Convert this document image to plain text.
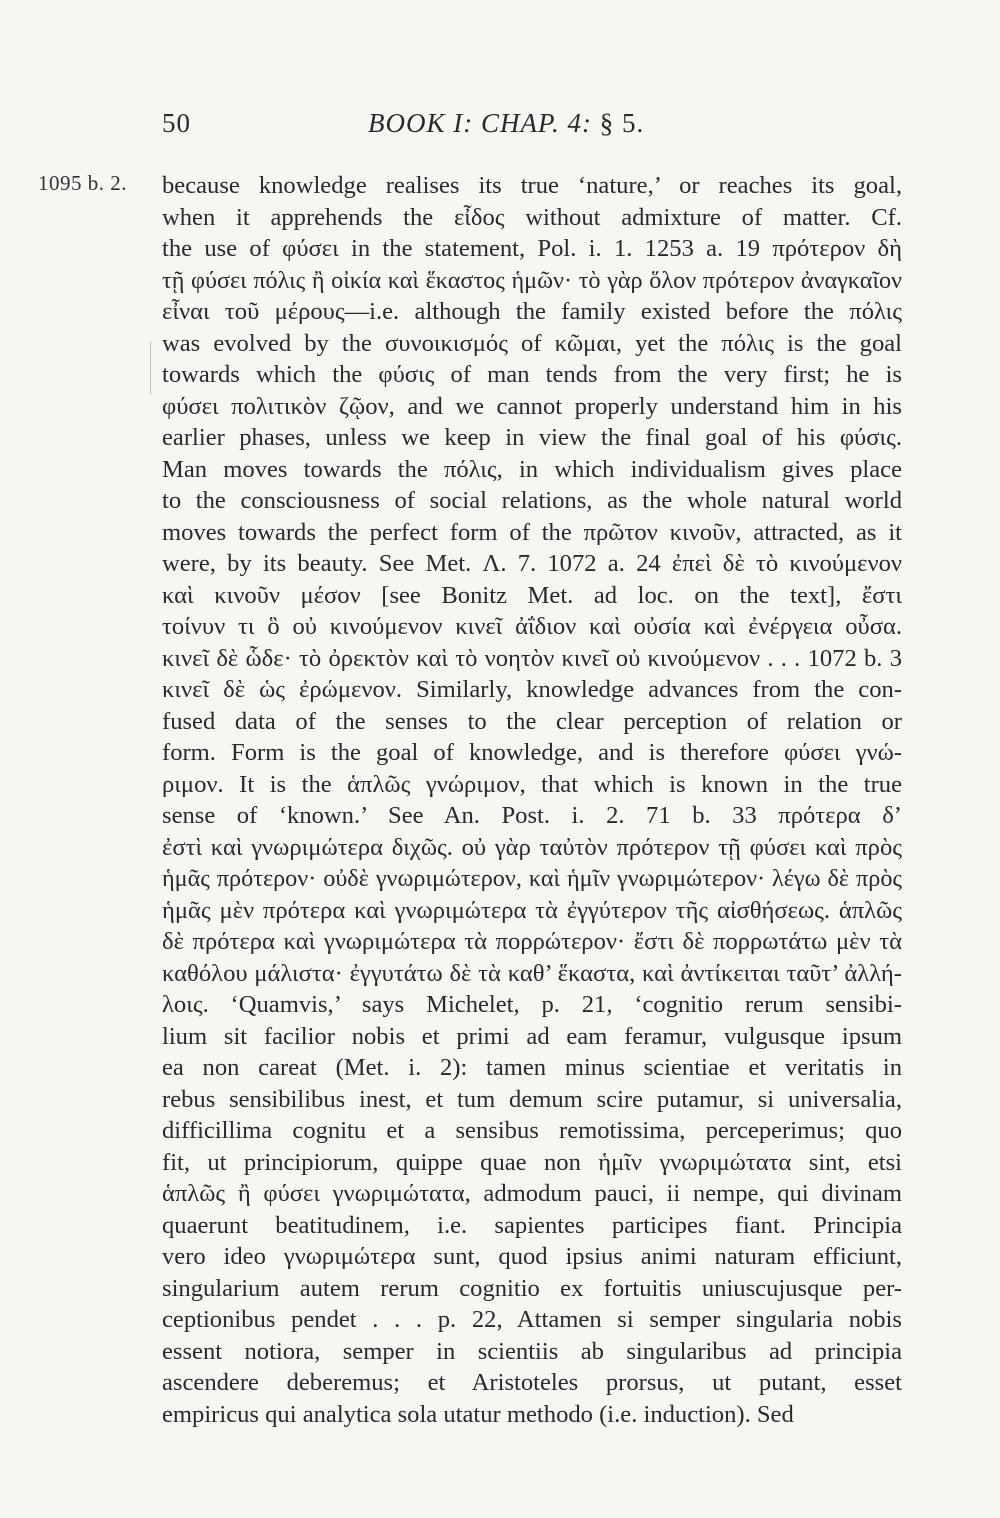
50	BOOK I: CHAP. 4: § 5.
1095 b. 2. because knowledge realises its true ‘nature,’ or reaches its goal,
when it apprehends the εἶδος without admixture of matter. Cf.
the use of φύσει in the statement, Pol. i. 1. 1253 a. 19 πρότερον δὴ
τῇ φύσει πόλις ἢ οἰκία καὶ ἕκαστος ἡμῶν· τὸ γὰρ ὅλον πρότερον ἀναγκαῖον
εἶναι τοῦ μέρους—i.e. although the family existed before the πόλις
was evolved by the συνοικισμός of κῶμαι, yet the πόλις is the goal
towards which the φύσις of man tends from the very first; he is
φύσει πολιτικὸν ζῷον, and we cannot properly understand him in his
earlier phases, unless we keep in view the final goal of his φύσις.
Man moves towards the πόλις, in which individualism gives place
to the consciousness of social relations, as the whole natural world
moves towards the perfect form of the πρῶτον κινοῦν, attracted, as it
were, by its beauty. See Met. Λ. 7. 1072 a. 24 ἐπεὶ δὲ τὸ κινούμενον
καὶ κινοῦν μέσον [see Bonitz Met. ad loc. on the text], ἔστι
τοίνυν τι ὃ οὐ κινούμενον κινεῖ ἀΐδιον καὶ οὐσία καὶ ἐνέργεια οὖσα.
κινεῖ δὲ ὧδε· τὸ ὀρεκτὸν καὶ τὸ νοητὸν κινεῖ οὐ κινούμενον . . . 1072 b. 3
κινεῖ δὲ ὡς ἐρώμενον. Similarly, knowledge advances from the con-
fused data of the senses to the clear perception of relation or
form. Form is the goal of knowledge, and is therefore φύσει γνώ-
ριμον. It is the ἁπλῶς γνώριμον, that which is known in the true
sense of ‘known.’ See An. Post. i. 2. 71 b. 33 πρότερα δ’
ἐστὶ καὶ γνωριμώτερα διχῶς. οὐ γὰρ ταὐτὸν πρότερον τῇ φύσει καὶ πρὸς
ἡμᾶς πρότερον· οὐδὲ γνωριμώτερον, καὶ ἡμῖν γνωριμώτερον· λέγω δὲ πρὸς
ἡμᾶς μὲν πρότερα καὶ γνωριμώτερα τὰ ἐγγύτερον τῆς αἰσθήσεως. ἁπλῶς
δὲ πρότερα καὶ γνωριμώτερα τὰ πορρώτερον· ἔστι δὲ πορρωτάτω μὲν τὰ
καθόλου μάλιστα· ἐγγυτάτω δὲ τὰ καθ’ ἕκαστα, καὶ ἀντίκειται ταῦτ’ ἀλλή-
λοις. ‘Quamvis,’ says Michelet, p. 21, ‘cognitio rerum sensibi-
lium sit facilior nobis et primi ad eam feramur, vulgusque ipsum
ea non careat (Met. i. 2): tamen minus scientiae et veritatis in
rebus sensibilibus inest, et tum demum scire putamur, si universalia,
difficillima cognitu et a sensibus remotissima, perceperimus; quo
fit, ut principiorum, quippe quae non ἡμῖν γνωριμώτατα sint, etsi
ἁπλῶς ἢ φύσει γνωριμώτατα, admodum pauci, ii nempe, qui divinam
quaerunt beatitudinem, i.e. sapientes participes fiant. Principia
vero ideo γνωριμώτερα sunt, quod ipsius animi naturam efficiunt,
singularium autem rerum cognitio ex fortuitis uniuscujusque per-
ceptionibus pendet . . . p. 22, Attamen si semper singularia nobis
essent notiora, semper in scientiis ab singularibus ad principia
ascendere deberemus; et Aristoteles prorsus, ut putant, esset
empiricus qui analytica sola utatur methodo (i.e. induction). Sed
